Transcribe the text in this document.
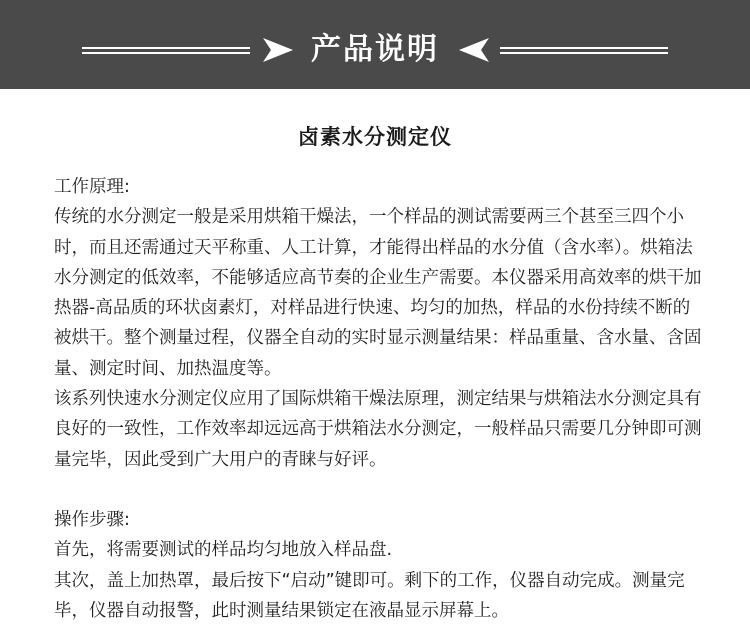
产品说明
卤素水分测定仪

工作原理:

传统的水分测定一般是采用烘箱干燥法，一个样品的测试需要两三个甚至三四个小时，而且还需通过天平称重、人工计算，才能得出样品的水分值（含水率）。烘箱法水分测定的低效率，不能够适应高节奏的企业生产需要。本仪器采用高效率的烘干加热器-高品质的环状卤素灯，对样品进行快速、均匀的加热，样品的水份持续不断的被烘干。整个测量过程，仪器全自动的实时显示测量结果：样品重量、含水量、含固量、测定时间、加热温度等。

该系列快速水分测定仪应用了国际烘箱干燥法原理，测定结果与烘箱法水分测定具有良好的一致性，工作效率却远远高于烘箱法水分测定，一般样品只需要几分钟即可测量完毕，因此受到广大用户的青睐与好评。

操作步骤:

首先，将需要测试的样品均匀地放入样品盘.

其次，盖上加热罩，最后按下“启动”键即可。剩下的工作，仪器自动完成。测量完毕，仪器自动报警，此时测量结果锁定在液晶显示屏幕上。
